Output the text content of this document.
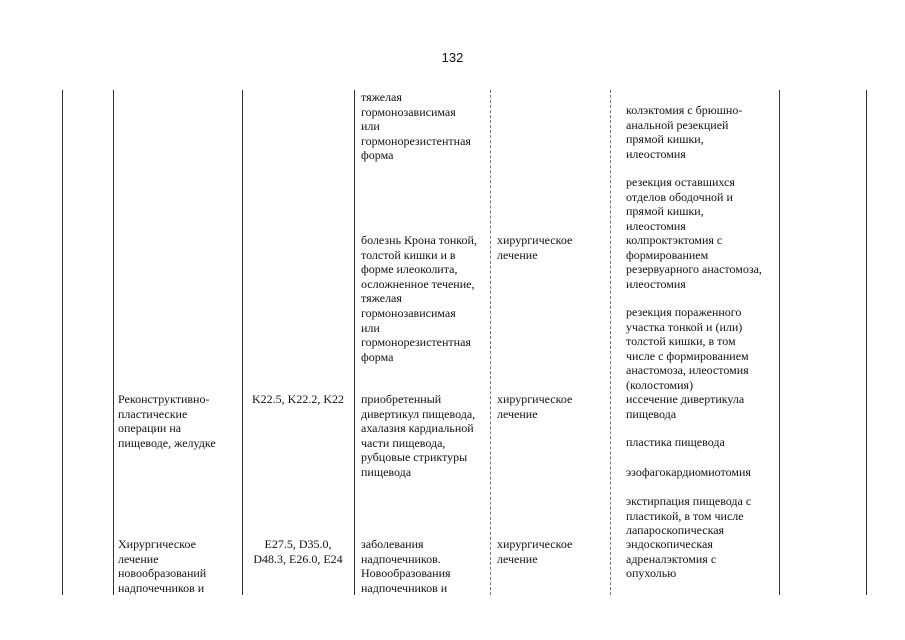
132
Реконструктивно-
пластические
операции на
пищеводе, желудке
Хирургическое
лечение
новообразований
надпочечников и
K22.5, K22.2, K22
E27.5, D35.0,
D48.3, E26.0, E24
тяжелая
гормонозависимая
или
гормонорезистентная
форма
болезнь Крона тонкой,
толстой кишки и в
форме илеоколита,
осложненное течение,
тяжелая
гормонозависимая
или
гормонорезистентная
форма
приобретенный
дивертикул пищевода,
ахалазия кардиальной
части пищевода,
рубцовые стриктуры
пищевода
заболевания
надпочечников.
Новообразования
надпочечников и
хирургическое
лечение
хирургическое
лечение
хирургическое
лечение
колэктомия с брюшно-
анальной резекцией
прямой кишки,
илеостомия
резекция оставшихся
отделов ободочной и
прямой кишки,
илеостомия
колпроктэктомия с
формированием
резервуарного анастомоза,
илеостомия
резекция пораженного
участка тонкой и (или)
толстой кишки, в том
числе с формированием
анастомоза, илеостомия
(колостомия)
иссечение дивертикула
пищевода
пластика пищевода
эзофагокардиомиотомия
экстирпация пищевода с
пластикой, в том числе
лапароскопическая
эндоскопическая
адреналэктомия с
опухолью
